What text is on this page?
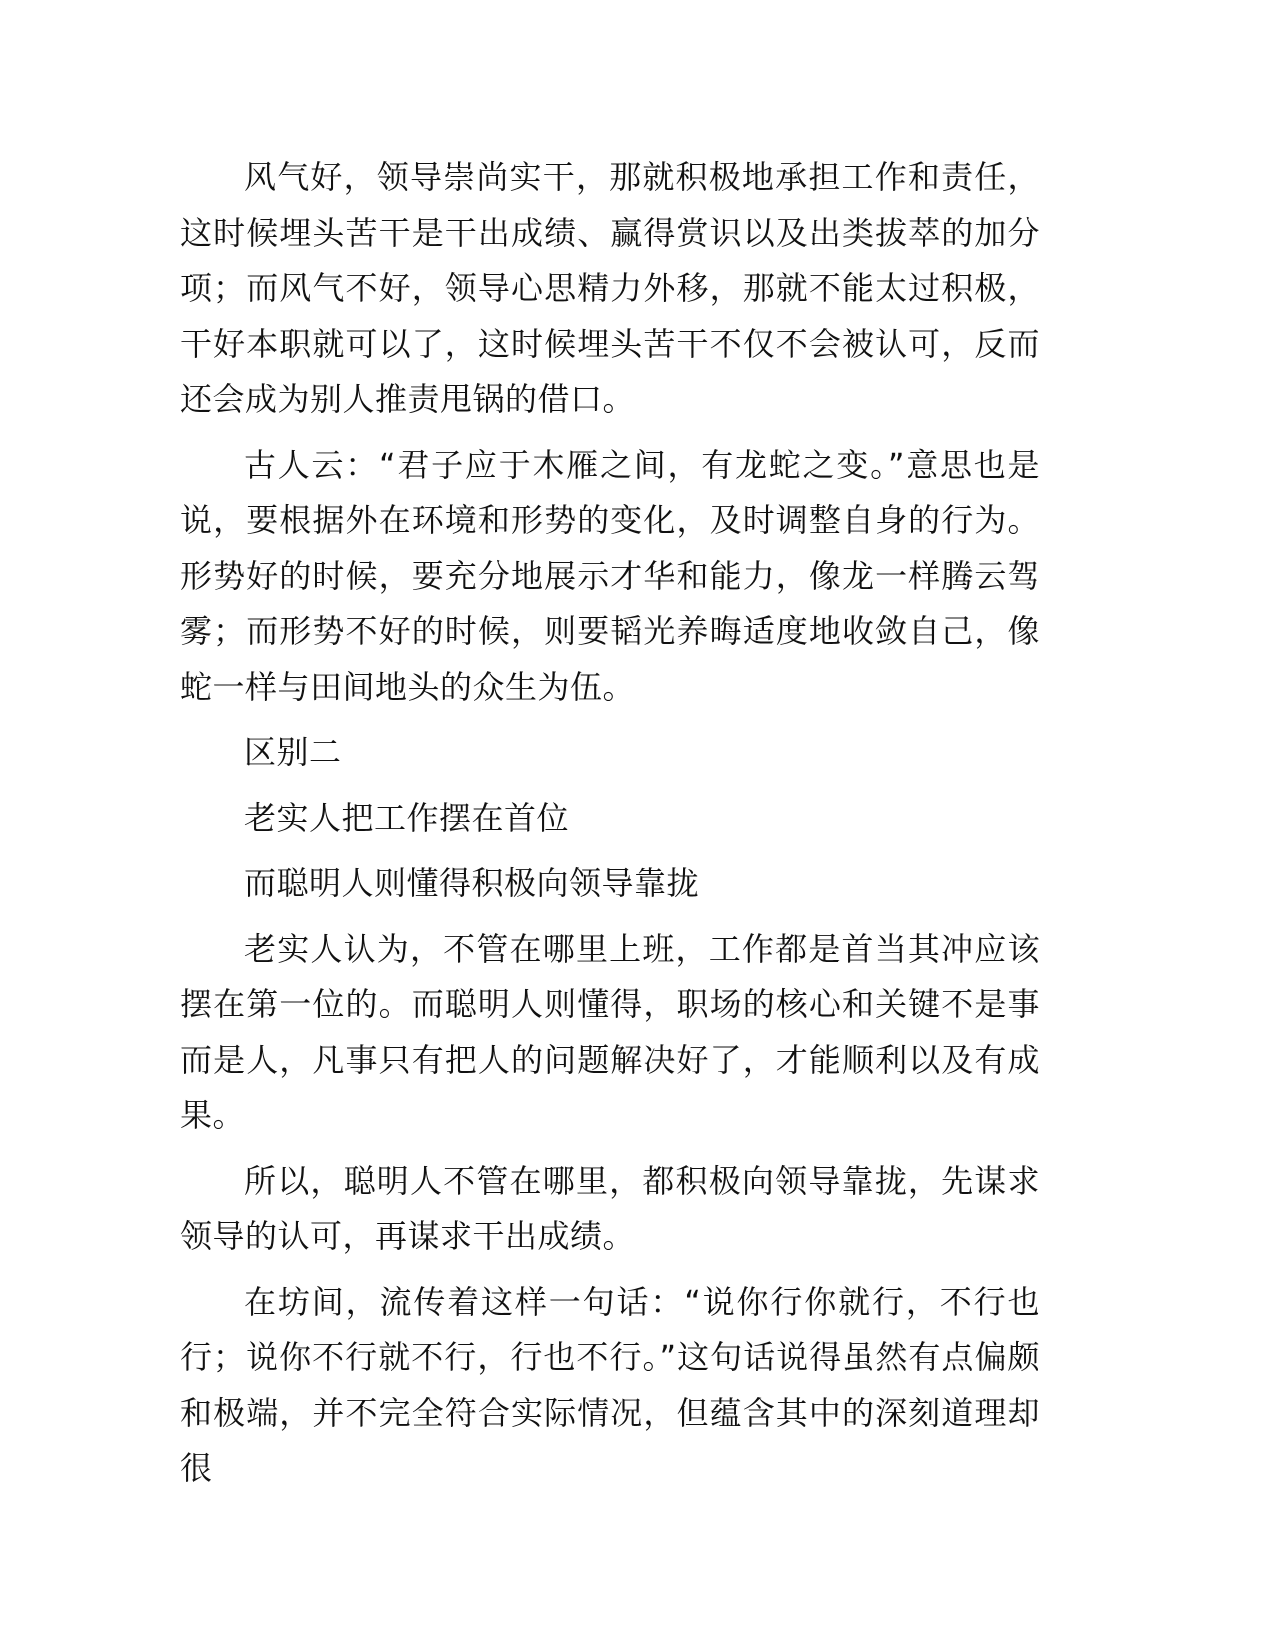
风气好，领导崇尚实干，那就积极地承担工作和责任，这时候埋头苦干是干出成绩、赢得赏识以及出类拔萃的加分项；而风气不好，领导心思精力外移，那就不能太过积极，干好本职就可以了，这时候埋头苦干不仅不会被认可，反而还会成为别人推责甩锅的借口。

古人云：“君子应于木雁之间，有龙蛇之变。”意思也是说，要根据外在环境和形势的变化，及时调整自身的行为。形势好的时候，要充分地展示才华和能力，像龙一样腾云驾雾；而形势不好的时候，则要韬光养晦适度地收敛自己，像蛇一样与田间地头的众生为伍。

区别二

老实人把工作摆在首位

而聪明人则懂得积极向领导靠拢

老实人认为，不管在哪里上班，工作都是首当其冲应该摆在第一位的。而聪明人则懂得，职场的核心和关键不是事而是人，凡事只有把人的问题解决好了，才能顺利以及有成果。

所以，聪明人不管在哪里，都积极向领导靠拢，先谋求领导的认可，再谋求干出成绩。

在坊间，流传着这样一句话：“说你行你就行，不行也行；说你不行就不行，行也不行。”这句话说得虽然有点偏颇和极端，并不完全符合实际情况，但蕴含其中的深刻道理却很
